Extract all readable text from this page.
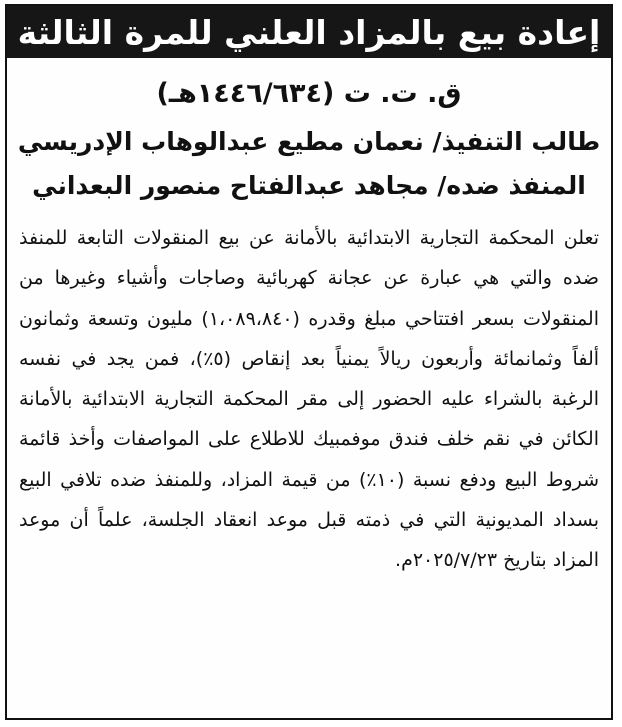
إعادة بيع بالمزاد العلني للمرة الثالثة
ق. ت. ت (١٤٤٦/٦٣٤هـ)
طالب التنفيذ/ نعمان مطيع عبدالوهاب الإدريسي
المنفذ ضده/ مجاهد عبدالفتاح منصور البعداني
تعلن المحكمة التجارية الابتدائية بالأمانة عن بيع المنقولات التابعة للمنفذ ضده والتي هي عبارة عن عجانة كهربائية وصاجات وأشياء وغيرها من المنقولات بسعر افتتاحي مبلغ وقدره (١،٠٨٩،٨٤٠) مليون وتسعة وثمانون ألفاً وثمانمائة وأربعون ريالاً يمنياً بعد إنقاص (٥٪)، فمن يجد في نفسه الرغبة بالشراء عليه الحضور إلى مقر المحكمة التجارية الابتدائية بالأمانة الكائن في نقم خلف فندق موفمبيك للاطلاع على المواصفات وأخذ قائمة شروط البيع ودفع نسبة (١٠٪) من قيمة المزاد، وللمنفذ ضده تلافي البيع بسداد المديونية التي في ذمته قبل موعد انعقاد الجلسة، علماً أن موعد المزاد بتاريخ ٢٠٢٥/٧/٢٣م.
